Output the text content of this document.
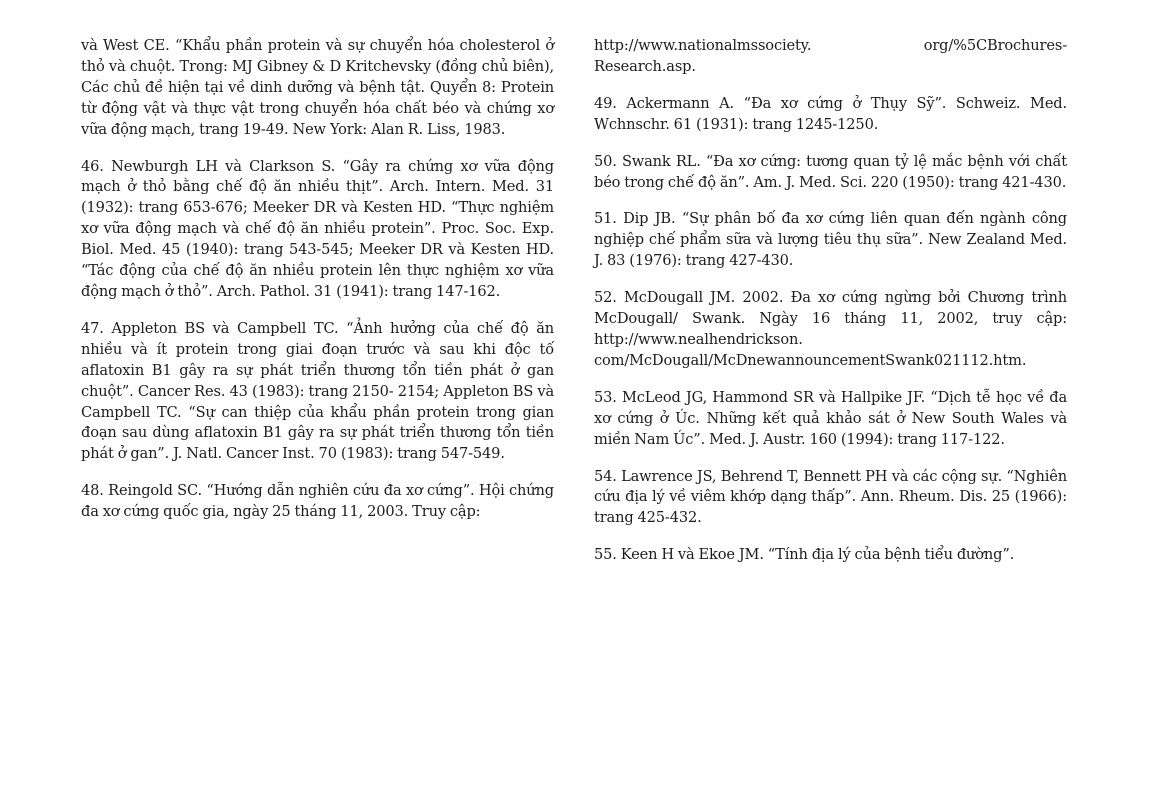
và West CE. “Khẩu phần protein và sự chuyển hóa cholesterol ở thỏ và chuột. Trong: MJ Gibney & D Kritchevsky (đồng chủ biên), Các chủ đề hiện tại về dinh dưỡng và bệnh tật. Quyển 8: Protein từ động vật và thực vật trong chuyển hóa chất béo và chứng xơ vữa động mạch, trang 19-49. New York: Alan R. Liss, 1983.

46. Newburgh LH và Clarkson S. “Gây ra chứng xơ vữa động mạch ở thỏ bằng chế độ ăn nhiều thịt”. Arch. Intern. Med. 31 (1932): trang 653-676; Meeker DR và Kesten HD. “Thực nghiệm xơ vữa động mạch và chế độ ăn nhiều protein”. Proc. Soc. Exp. Biol. Med. 45 (1940): trang 543-545; Meeker DR và Kesten HD. “Tác động của chế độ ăn nhiều protein lên thực nghiệm xơ vữa động mạch ở thỏ”. Arch. Pathol. 31 (1941): trang 147-162.

47. Appleton BS và Campbell TC. “Ảnh hưởng của chế độ ăn nhiều và ít protein trong giai đoạn trước và sau khi độc tố aflatoxin B1 gây ra sự phát triển thương tổn tiền phát ở gan chuột”. Cancer Res. 43 (1983): trang 2150- 2154; Appleton BS và Campbell TC. “Sự can thiệp của khẩu phần protein trong gian đoạn sau dùng aflatoxin B1 gây ra sự phát triển thương tổn tiền phát ở gan”. J. Natl. Cancer Inst. 70 (1983): trang 547-549.

48. Reingold SC. “Hướng dẫn nghiên cứu đa xơ cứng”. Hội chứng đa xơ cứng quốc gia, ngày 25 tháng 11, 2003. Truy cập:

http://www.nationalmssociety. org/%5CBrochures-
Research.asp.

49. Ackermann A. “Đa xơ cứng ở Thụy Sỹ”. Schweiz. Med. Wchnschr. 61 (1931): trang 1245-1250.

50. Swank RL. “Đa xơ cứng: tương quan tỷ lệ mắc bệnh với chất béo trong chế độ ăn”. Am. J. Med. Sci. 220 (1950): trang 421-430.

51. Dip JB. “Sự phân bố đa xơ cứng liên quan đến ngành công nghiệp chế phẩm sữa và lượng tiêu thụ sữa”. New Zealand Med. J. 83 (1976): trang 427-430.

52. McDougall JM. 2002. Đa xơ cứng ngừng bởi Chương trình McDougall/ Swank. Ngày 16 tháng 11, 2002, truy cập: http://www.nealhendrickson.
com/McDougall/McDnewannouncementSwank021112.htm.

53. McLeod JG, Hammond SR và Hallpike JF. “Dịch tễ học về đa xơ cứng ở Úc. Những kết quả khảo sát ở New South Wales và miền Nam Úc”. Med. J. Austr. 160 (1994): trang 117-122.

54. Lawrence JS, Behrend T, Bennett PH và các cộng sự. “Nghiên cứu địa lý về viêm khớp dạng thấp”. Ann. Rheum. Dis. 25 (1966): trang 425-432.

55. Keen H và Ekoe JM. “Tính địa lý của bệnh tiểu đường”.
